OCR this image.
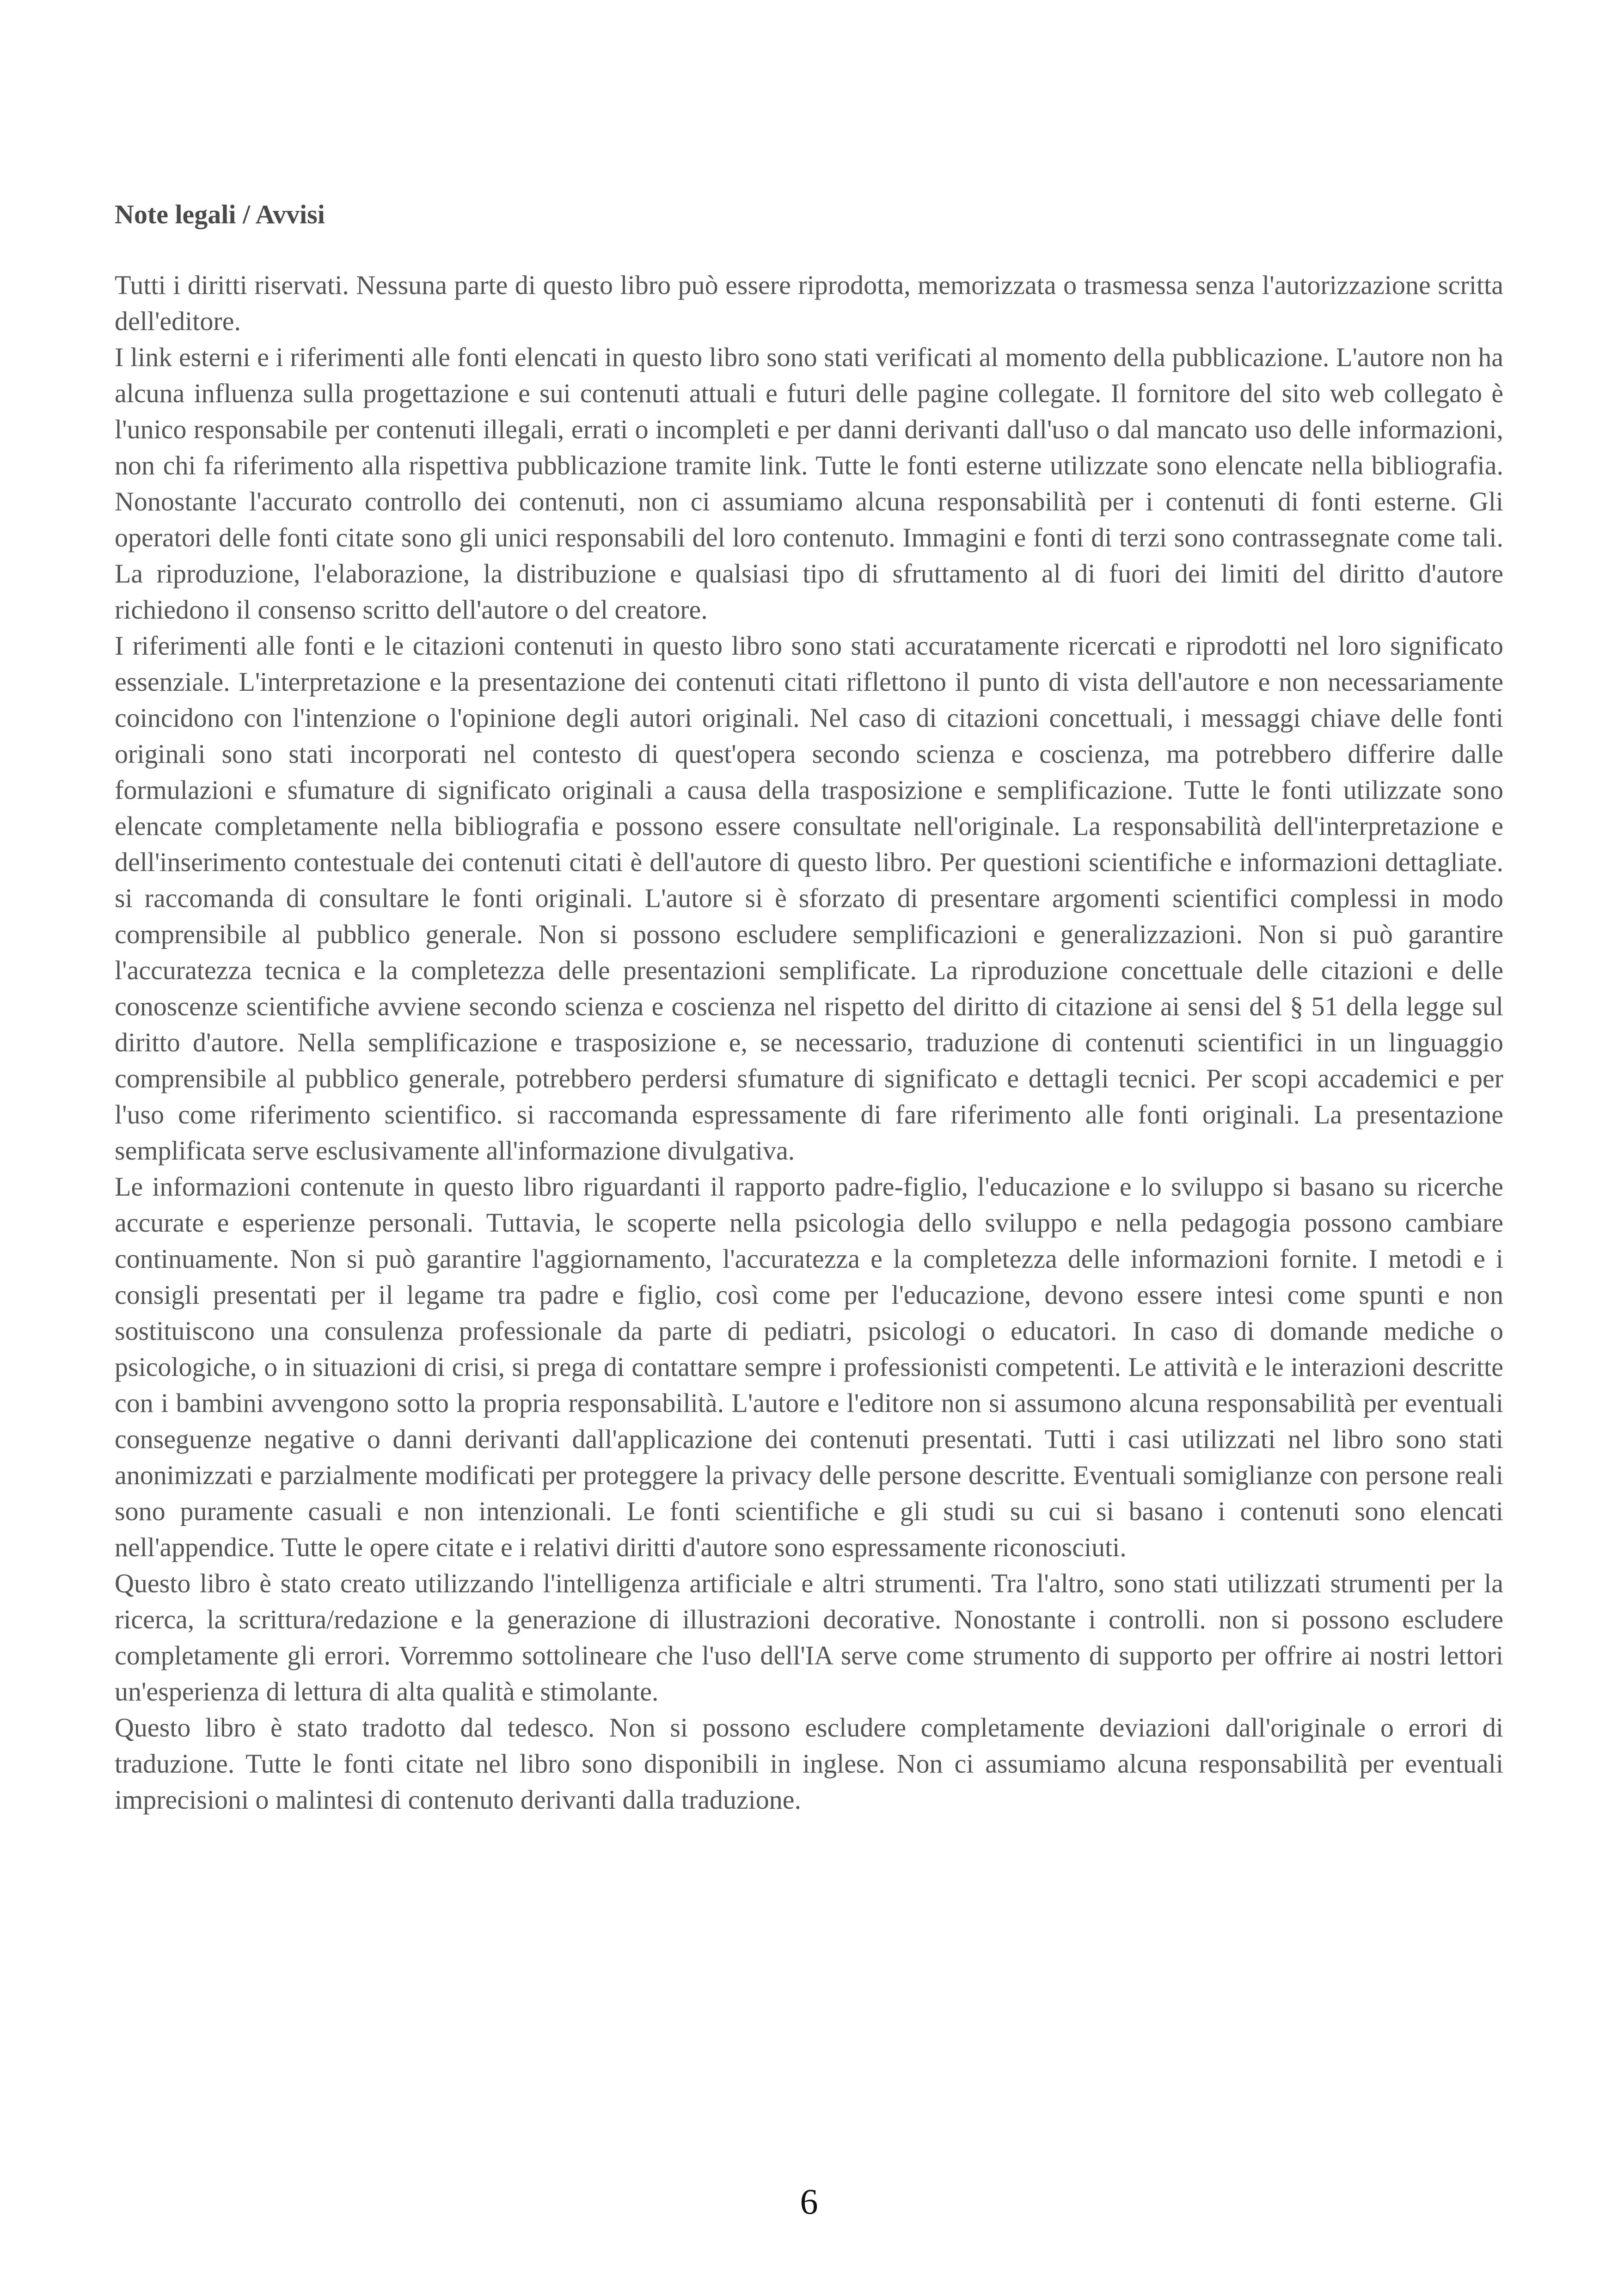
Note legali / Avvisi

Tutti i diritti riservati. Nessuna parte di questo libro può essere riprodotta, memorizzata o trasmessa senza l'autorizzazione scritta dell'editore.

I link esterni e i riferimenti alle fonti elencati in questo libro sono stati verificati al momento della pubblicazione. L'autore non ha alcuna influenza sulla progettazione e sui contenuti attuali e futuri delle pagine collegate. Il fornitore del sito web collegato è l'unico responsabile per contenuti illegali, errati o incompleti e per danni derivanti dall'uso o dal mancato uso delle informazioni, non chi fa riferimento alla rispettiva pubblicazione tramite link. Tutte le fonti esterne utilizzate sono elencate nella bibliografia. Nonostante l'accurato controllo dei contenuti, non ci assumiamo alcuna responsabilità per i contenuti di fonti esterne. Gli operatori delle fonti citate sono gli unici responsabili del loro contenuto. Immagini e fonti di terzi sono contrassegnate come tali. La riproduzione, l'elaborazione, la distribuzione e qualsiasi tipo di sfruttamento al di fuori dei limiti del diritto d'autore richiedono il consenso scritto dell'autore o del creatore.

I riferimenti alle fonti e le citazioni contenuti in questo libro sono stati accuratamente ricercati e riprodotti nel loro significato essenziale. L'interpretazione e la presentazione dei contenuti citati riflettono il punto di vista dell'autore e non necessariamente coincidono con l'intenzione o l'opinione degli autori originali. Nel caso di citazioni concettuali, i messaggi chiave delle fonti originali sono stati incorporati nel contesto di quest'opera secondo scienza e coscienza, ma potrebbero differire dalle formulazioni e sfumature di significato originali a causa della trasposizione e semplificazione. Tutte le fonti utilizzate sono elencate completamente nella bibliografia e possono essere consultate nell'originale. La responsabilità dell'interpretazione e dell'inserimento contestuale dei contenuti citati è dell'autore di questo libro. Per questioni scientifiche e informazioni dettagliate. si raccomanda di consultare le fonti originali. L'autore si è sforzato di presentare argomenti scientifici complessi in modo comprensibile al pubblico generale. Non si possono escludere semplificazioni e generalizzazioni. Non si può garantire l'accuratezza tecnica e la completezza delle presentazioni semplificate. La riproduzione concettuale delle citazioni e delle conoscenze scientifiche avviene secondo scienza e coscienza nel rispetto del diritto di citazione ai sensi del § 51 della legge sul diritto d'autore. Nella semplificazione e trasposizione e, se necessario, traduzione di contenuti scientifici in un linguaggio comprensibile al pubblico generale, potrebbero perdersi sfumature di significato e dettagli tecnici. Per scopi accademici e per l'uso come riferimento scientifico. si raccomanda espressamente di fare riferimento alle fonti originali. La presentazione semplificata serve esclusivamente all'informazione divulgativa.

Le informazioni contenute in questo libro riguardanti il rapporto padre-figlio, l'educazione e lo sviluppo si basano su ricerche accurate e esperienze personali. Tuttavia, le scoperte nella psicologia dello sviluppo e nella pedagogia possono cambiare continuamente. Non si può garantire l'aggiornamento, l'accuratezza e la completezza delle informazioni fornite. I metodi e i consigli presentati per il legame tra padre e figlio, così come per l'educazione, devono essere intesi come spunti e non sostituiscono una consulenza professionale da parte di pediatri, psicologi o educatori. In caso di domande mediche o psicologiche, o in situazioni di crisi, si prega di contattare sempre i professionisti competenti. Le attività e le interazioni descritte con i bambini avvengono sotto la propria responsabilità. L'autore e l'editore non si assumono alcuna responsabilità per eventuali conseguenze negative o danni derivanti dall'applicazione dei contenuti presentati. Tutti i casi utilizzati nel libro sono stati anonimizzati e parzialmente modificati per proteggere la privacy delle persone descritte. Eventuali somiglianze con persone reali sono puramente casuali e non intenzionali. Le fonti scientifiche e gli studi su cui si basano i contenuti sono elencati nell'appendice. Tutte le opere citate e i relativi diritti d'autore sono espressamente riconosciuti.

Questo libro è stato creato utilizzando l'intelligenza artificiale e altri strumenti. Tra l'altro, sono stati utilizzati strumenti per la ricerca, la scrittura/redazione e la generazione di illustrazioni decorative. Nonostante i controlli. non si possono escludere completamente gli errori. Vorremmo sottolineare che l'uso dell'IA serve come strumento di supporto per offrire ai nostri lettori un'esperienza di lettura di alta qualità e stimolante.

Questo libro è stato tradotto dal tedesco. Non si possono escludere completamente deviazioni dall'originale o errori di traduzione. Tutte le fonti citate nel libro sono disponibili in inglese. Non ci assumiamo alcuna responsabilità per eventuali imprecisioni o malintesi di contenuto derivanti dalla traduzione.

6
